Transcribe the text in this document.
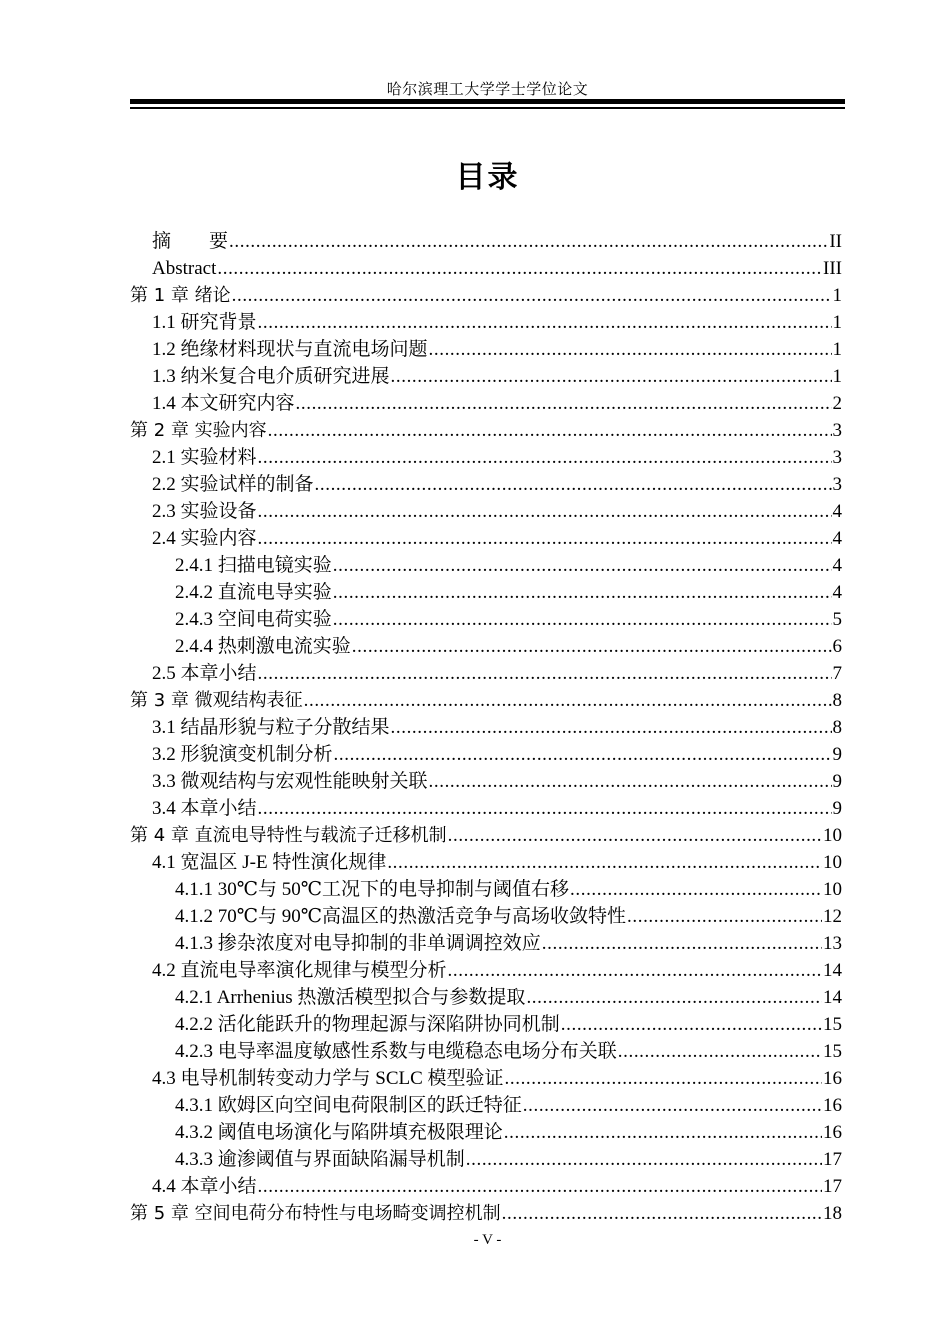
哈尔滨理工大学学士学位论文
目录
摘　　要 .....	II
Abstract .....	III
第 1 章 绪论 .....	1
1.1 研究背景 .....	1
1.2 绝缘材料现状与直流电场问题 .....	1
1.3 纳米复合电介质研究进展 .....	1
1.4 本文研究内容 .....	2
第 2 章 实验内容 .....	3
2.1 实验材料 .....	3
2.2 实验试样的制备 .....	3
2.3 实验设备 .....	4
2.4 实验内容 .....	4
2.4.1 扫描电镜实验 .....	4
2.4.2 直流电导实验 .....	4
2.4.3 空间电荷实验 .....	5
2.4.4 热刺激电流实验 .....	6
2.5 本章小结 .....	7
第 3 章 微观结构表征 .....	8
3.1 结晶形貌与粒子分散结果 .....	8
3.2 形貌演变机制分析 .....	9
3.3 微观结构与宏观性能映射关联 .....	9
3.4 本章小结 .....	9
第 4 章 直流电导特性与载流子迁移机制 .....	10
4.1 宽温区 J-E 特性演化规律 .....	10
4.1.1 30℃与 50℃工况下的电导抑制与阈值右移 .....	10
4.1.2 70℃与 90℃高温区的热激活竞争与高场收敛特性 .....	12
4.1.3 掺杂浓度对电导抑制的非单调调控效应 .....	13
4.2 直流电导率演化规律与模型分析 .....	14
4.2.1 Arrhenius 热激活模型拟合与参数提取 .....	14
4.2.2 活化能跃升的物理起源与深陷阱协同机制 .....	15
4.2.3 电导率温度敏感性系数与电缆稳态电场分布关联 .....	15
4.3 电导机制转变动力学与 SCLC 模型验证 .....	16
4.3.1 欧姆区向空间电荷限制区的跃迁特征 .....	16
4.3.2 阈值电场演化与陷阱填充极限理论 .....	16
4.3.3 逾渗阈值与界面缺陷漏导机制 .....	17
4.4 本章小结 .....	17
第 5 章 空间电荷分布特性与电场畸变调控机制 .....	18
- V -
